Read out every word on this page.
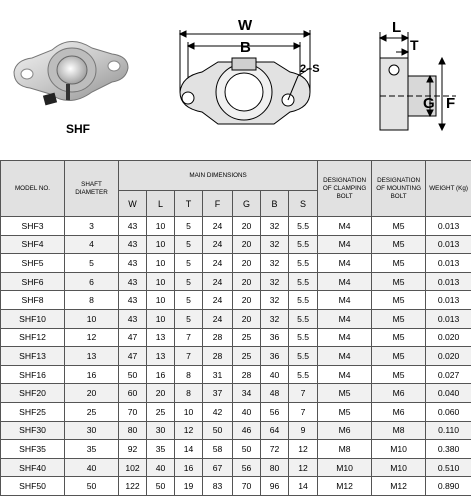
SHF
W
B
2–S
L
T
G F
MODEL NO.	SHAFT DIAMETER	MAIN DIMENSIONS							DESIGNATION OF CLAMPING BOLT	DESIGNATION OF MOUNTING BOLT	WEIGHT (Kg)
		W	L	T	F	G	B	S			
SHF3	3	43	10	5	24	20	32	5.5	M4	M5	0.013
SHF4	4	43	10	5	24	20	32	5.5	M4	M5	0.013
SHF5	5	43	10	5	24	20	32	5.5	M4	M5	0.013
SHF6	6	43	10	5	24	20	32	5.5	M4	M5	0.013
SHF8	8	43	10	5	24	20	32	5.5	M4	M5	0.013
SHF10	10	43	10	5	24	20	32	5.5	M4	M5	0.013
SHF12	12	47	13	7	28	25	36	5.5	M4	M5	0.020
SHF13	13	47	13	7	28	25	36	5.5	M4	M5	0.020
SHF16	16	50	16	8	31	28	40	5.5	M4	M5	0.027
SHF20	20	60	20	8	37	34	48	7	M5	M6	0.040
SHF25	25	70	25	10	42	40	56	7	M5	M6	0.060
SHF30	30	80	30	12	50	46	64	9	M6	M8	0.110
SHF35	35	92	35	14	58	50	72	12	M8	M10	0.380
SHF40	40	102	40	16	67	56	80	12	M10	M10	0.510
SHF50	50	122	50	19	83	70	96	14	M12	M12	0.890
